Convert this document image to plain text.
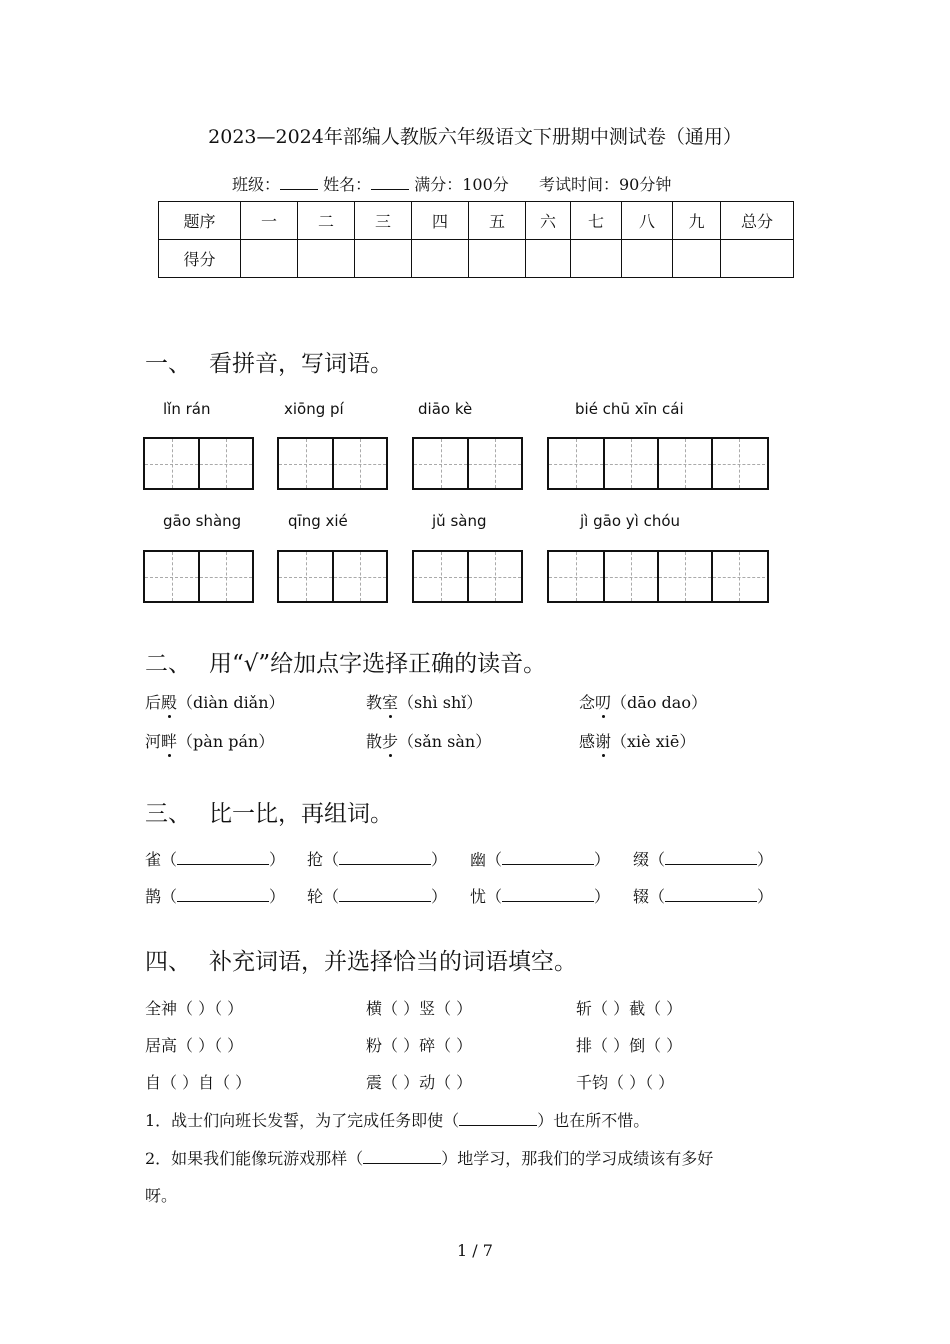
2023—2024年部编人教版六年级语文下册期中测试卷（通用）
班级：	姓名：	满分：100分 考试时间：90分钟
题序	一	二	三	四	五	六	七	八	九	总分
得分										
一、 看拼音，写词语。
lǐn rán	xiōng pí	diāo kè	bié chū xīn cái
gāo shàng	qīng xié	jǔ sàng	jì gāo yì chóu
二、 用“√”给加点字选择正确的读音。
后殿（diàn diǎn）	教室（shì shǐ）	念叨（dāo dao）
河畔（pàn pán）	散步（sǎn sàn）	感谢（xiè xiē）
三、 比一比，再组词。
雀（	） 抢（	） 幽（	） 缀（	）
鹊（	） 轮（	） 忧（	） 辍（	）
四、 补充词语，并选择恰当的词语填空。
全神（ ）（ ）	横（ ）竖（ ）	斩（ ）截（ ）
居高（ ）（ ）	粉（ ）碎（ ）	排（ ）倒（ ）
自（ ）自（ ）	震（ ）动（ ）	千钧（ ）（ ）
1．战士们向班长发誓，为了完成任务即使（	）也在所不惜。
2．如果我们能像玩游戏那样（	）地学习，那我们的学习成绩该有多好
呀。
1 / 7
